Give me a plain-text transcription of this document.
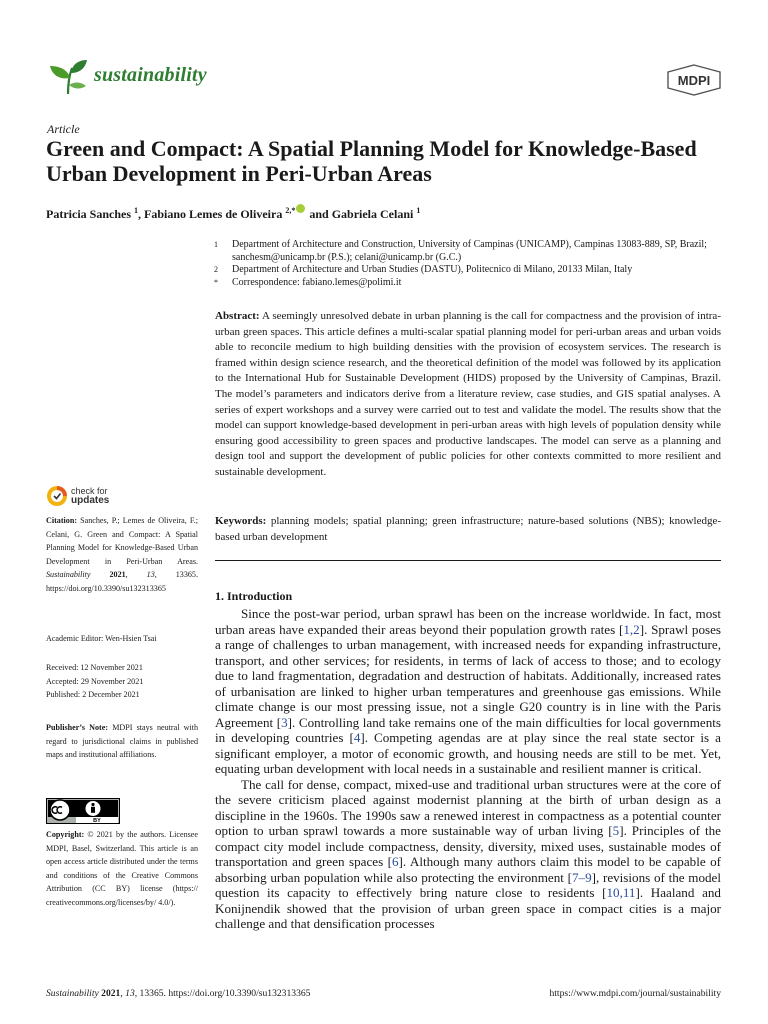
sustainability	MDPI
Article
Green and Compact: A Spatial Planning Model for Knowledge-Based Urban Development in Peri-Urban Areas
Patricia Sanches $^1$, Fabiano Lemes de Oliveira $^{2,*}$ and Gabriela Celani $^1$
1	Department of Architecture and Construction, University of Campinas (UNICAMP), Campinas 13083-889, SP, Brazil; sanchesm@unicamp.br (P.S.); celani@unicamp.br (G.C.)
2	Department of Architecture and Urban Studies (DASTU), Politecnico di Milano, 20133 Milan, Italy
*	Correspondence: fabiano.lemes@polimi.it

Abstract: A seemingly unresolved debate in urban planning is the call for compactness and the provision of intra-urban green spaces. This article defines a multi-scalar spatial planning model for peri-urban areas and urban voids able to reconcile medium to high building densities with the provision of ecosystem services. The research is framed within design science research, and the theoretical definition of the model was followed by its application to the International Hub for Sustainable Development (HIDS) proposed by the University of Campinas, Brazil. The model’s parameters and indicators derive from a literature review, case studies, and GIS spatial analyses. A series of expert workshops and a survey were carried out to test and validate the model. The results show that the model can support knowledge-based development in peri-urban areas with high levels of population density while ensuring good accessibility to green spaces and productive landscapes. The model can serve as a planning and design tool and support the development of public policies for other contexts committed to more resilient and sustainable development.

Keywords: planning models; spatial planning; green infrastructure; nature-based solutions (NBS); knowledge-based urban development

1. Introduction

Since the post-war period, urban sprawl has been on the increase worldwide. In fact, most urban areas have expanded their areas beyond their population growth rates [1,2]. Sprawl poses a range of challenges to urban management, with increased needs for expanding infrastructure, transport, and other services; for residents, in terms of lack of access to those; and to ecology due to land fragmentation, degradation and destruction of habitats. Additionally, increased rates of urbanisation are linked to higher urban temperatures and greenhouse gas emissions. While climate change is our most pressing issue, not a single G20 country is in line with the Paris Agreement [3]. Controlling land take remains one of the main difficulties for local governments in developing countries [4]. Competing agendas are at play since the real state sector is a significant employer, a motor of economic growth, and housing needs are still to be met. Yet, equating urban development with local needs in a sustainable and resilient manner is critical.

The call for dense, compact, mixed-use and traditional urban structures were at the core of the severe criticism placed against modernist planning at the birth of urban design as a discipline in the 1960s. The 1990s saw a renewed interest in compactness as a potential counter option to urban sprawl towards a more sustainable way of urban living [5]. Principles of the compact city model include compactness, density, diversity, mixed uses, sustainable modes of transportation and green spaces [6]. Although many authors claim this model to be capable of absorbing urban population while also protecting the environment [7–9], revisions of the model question its capacity to effectively bring nature close to residents [10,11]. Haaland and Konijnendik showed that the provision of urban green space in compact cities is a major challenge and that densification processes

check for
updates
Citation: Sanches, P.; Lemes de Oliveira, F.; Celani, G. Green and Compact: A Spatial Planning Model for Knowledge-Based Urban Development in Peri-Urban Areas. Sustainability 2021, 13, 13365. https://doi.org/10.3390/su132313365
Academic Editor: Wen-Hsien Tsai
Received: 12 November 2021
Accepted: 29 November 2021
Published: 2 December 2021
Publisher’s Note: MDPI stays neutral with regard to jurisdictional claims in published maps and institutional affiliations.
BY
Copyright: © 2021 by the authors. Licensee MDPI, Basel, Switzerland. This article is an open access article distributed under the terms and conditions of the Creative Commons Attribution (CC BY) license (https:// creativecommons.org/licenses/by/ 4.0/).
Sustainability 2021, 13, 13365. https://doi.org/10.3390/su132313365	https://www.mdpi.com/journal/sustainability
